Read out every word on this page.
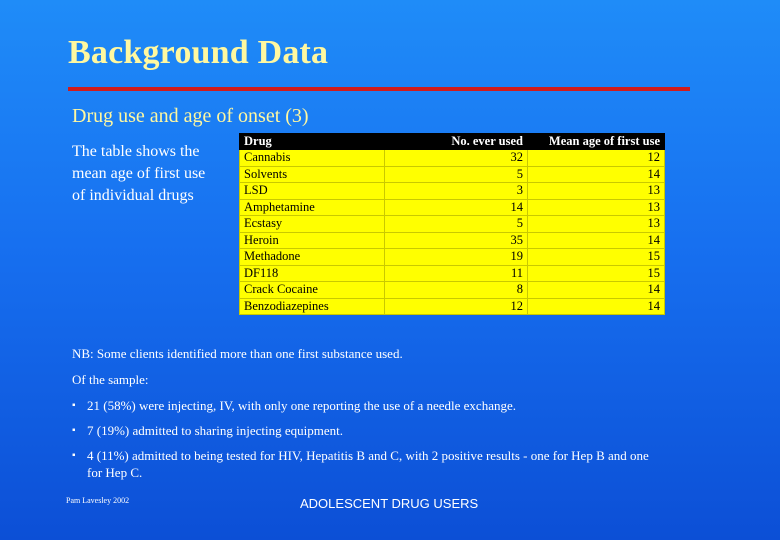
Background Data
Drug use and age of onset (3)
The table shows the mean age of first use of individual drugs
Drug	No. ever used	Mean age of first use
Cannabis	32	12
Solvents	5	14
LSD	3	13
Amphetamine	14	13
Ecstasy	5	13
Heroin	35	14
Methadone	19	15
DF118	11	15
Crack Cocaine	8	14
Benzodiazepines	12	14
NB: Some clients identified more than one first substance used.
Of the sample:
▪ 21 (58%) were injecting, IV, with only one reporting the use of a needle exchange.
▪ 7 (19%) admitted to sharing injecting equipment.
▪ 4 (11%) admitted to being tested for HIV, Hepatitis B and C, with 2 positive results - one for Hep B and one for Hep C.
Pam Lavesley 2002	ADOLESCENT DRUG USERS
